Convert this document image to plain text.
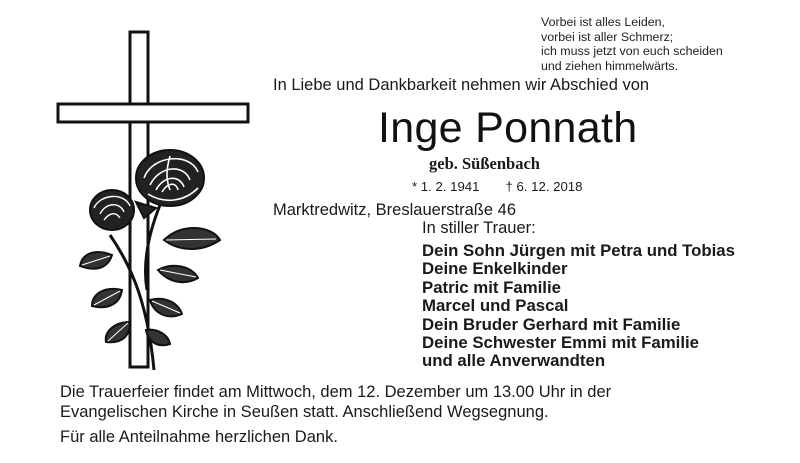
Vorbei ist alles Leiden,
vorbei ist aller Schmerz;
ich muss jetzt von euch scheiden
und ziehen himmelwärts.
In Liebe und Dankbarkeit nehmen wir Abschied von
Inge Ponnath
geb. Süßenbach
* 1. 2. 1941 † 6. 12. 2018
Marktredwitz, Breslauerstraße 46
In stiller Trauer:
Dein Sohn Jürgen mit Petra und Tobias
Deine Enkelkinder
Patric mit Familie
Marcel und Pascal
Dein Bruder Gerhard mit Familie
Deine Schwester Emmi mit Familie
und alle Anverwandten
Die Trauerfeier findet am Mittwoch, dem 12. Dezember um 13.00 Uhr in der
Evangelischen Kirche in Seußen statt. Anschließend Wegsegnung.
Für alle Anteilnahme herzlichen Dank.
